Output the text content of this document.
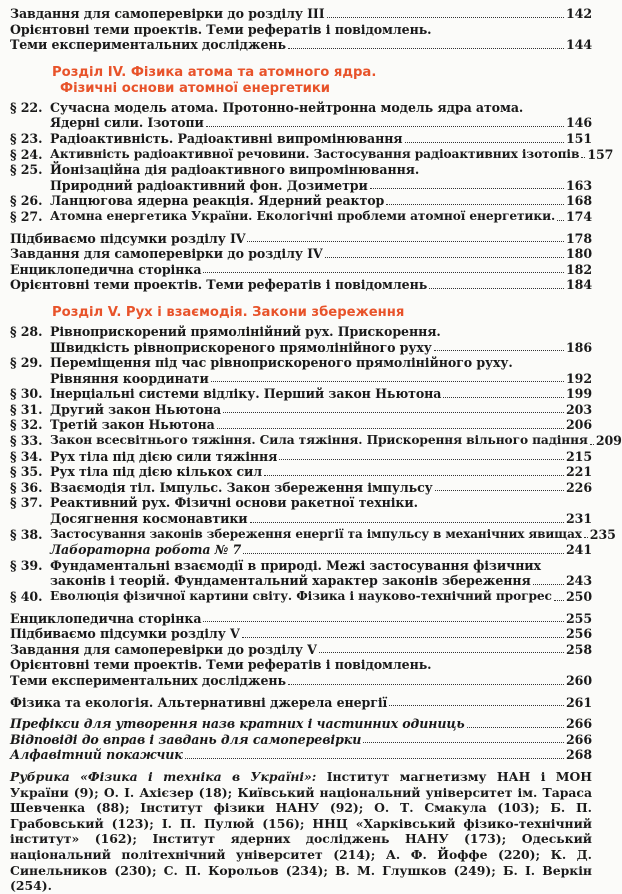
Завдання для самоперевірки до розділу III	142
Орієнтовні теми проектів. Теми рефератів і повідомлень.
Теми експериментальних досліджень	144
Розділ IV. Фізика атома та атомного ядра.
Фізичні основи атомної енергетики
§ 22. Сучасна модель атома. Протонно-нейтронна модель ядра атома.
Ядерні сили. Ізотопи	146
§ 23. Радіоактивність. Радіоактивні випромінювання	151
§ 24. Активність радіоактивної речовини. Застосування радіоактивних ізотопів 157
§ 25. Йонізаційна дія радіоактивного випромінювання.
Природний радіоактивний фон. Дозиметри	163
§ 26. Ланцюгова ядерна реакція. Ядерний реактор	168
§ 27. Атомна енергетика України. Екологічні проблеми атомної енергетики. 174
Підбиваємо підсумки розділу IV	178
Завдання для самоперевірки до розділу IV	180
Енциклопедична сторінка	182
Орієнтовні теми проектів. Теми рефератів і повідомлень	184
Розділ V. Рух і взаємодія. Закони збереження
§ 28. Рівноприскорений прямолінійний рух. Прискорення.
Швидкість рівноприскореного прямолінійного руху	186
§ 29. Переміщення під час рівноприскореного прямолінійного руху.
Рівняння координати	192
§ 30. Інерціальні системи відліку. Перший закон Ньютона	199
§ 31. Другий закон Ньютона	203
§ 32. Третій закон Ньютона	206
§ 33. Закон всесвітнього тяжіння. Сила тяжіння. Прискорення вільного падіння 209
§ 34. Рух тіла під дією сили тяжіння	215
§ 35. Рух тіла під дією кількох сил	221
§ 36. Взаємодія тіл. Імпульс. Закон збереження імпульсу	226
§ 37. Реактивний рух. Фізичні основи ракетної техніки.
Досягнення космонавтики	231
§ 38. Застосування законів збереження енергії та імпульсу в механічних явищах 235
Лабораторна робота № 7	241
§ 39. Фундаментальні взаємодії в природі. Межі застосування фізичних
законів і теорій. Фундаментальний характер законів збереження	243
§ 40. Еволюція фізичної картини світу. Фізика і науково-технічний прогрес 250
Енциклопедична сторінка	255
Підбиваємо підсумки розділу V	256
Завдання для самоперевірки до розділу V	258
Орієнтовні теми проектів. Теми рефератів і повідомлень.
Теми експериментальних досліджень	260
Фізика та екологія. Альтернативні джерела енергії	261
Префікси для утворення назв кратних і частинних одиниць	266
Відповіді до вправ і завдань для самоперевірки	266
Алфавітний покажчик	268
Рубрика «Фізика і техніка в Україні»: Інститут магнетизму НАН і МОН України (9); О. І. Ахієзер (18); Київський національний університет ім. Тараса Шевченка (88); Інститут фізики НАНУ (92); О. Т. Смакула (103); Б. П. Грабовський (123); І. П. Пулюй (156); ННЦ «Харківський фізико-технічний інститут» (162); Інститут ядерних досліджень НАНУ (173); Одеський національний політехнічний університет (214); А. Ф. Йоффе (220); К. Д. Синельников (230); С. П. Корольов (234); В. М. Глушков (249); Б. І. Веркін (254).
